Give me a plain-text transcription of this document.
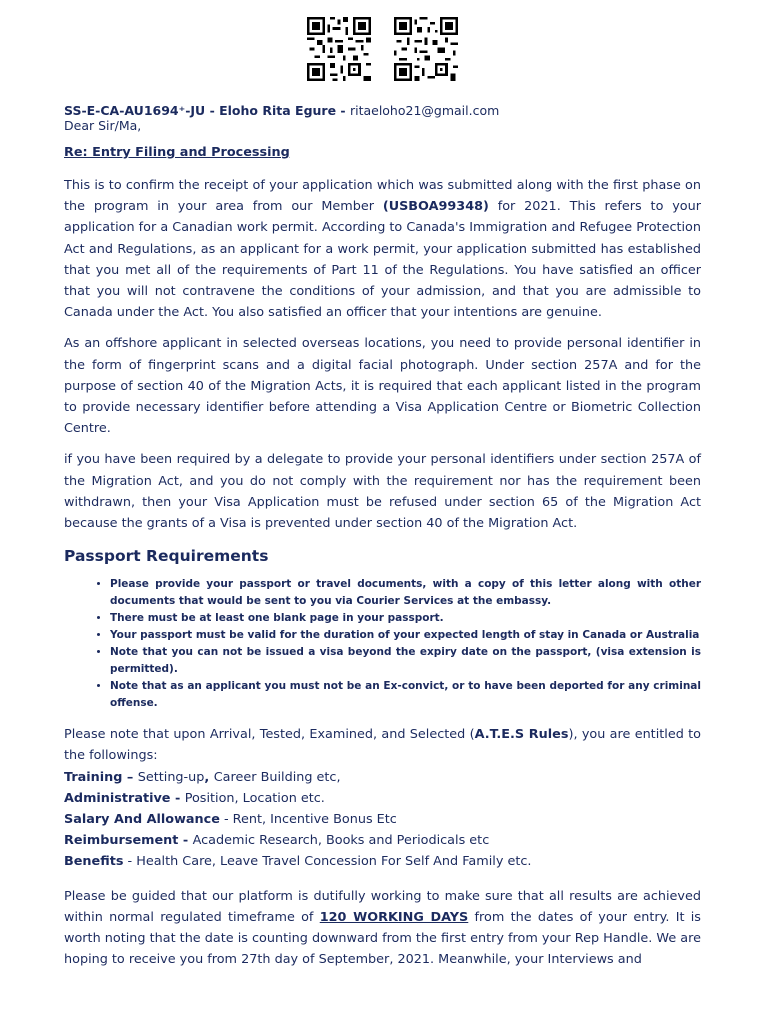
SS-E-CA-AU1694⁺-JU - Eloho Rita Egure - ritaeloho21@gmail.com
Dear Sir/Ma,
Re: Entry Filing and Processing

This is to confirm the receipt of your application which was submitted along with the first phase on the program in your area from our Member (USBOA99348) for 2021. This refers to your application for a Canadian work permit. According to Canada's Immigration and Refugee Protection Act and Regulations, as an applicant for a work permit, your application submitted has established that you met all of the requirements of Part 11 of the Regulations. You have satisfied an officer that you will not contravene the conditions of your admission, and that you are admissible to Canada under the Act. You also satisfied an officer that your intentions are genuine.

As an offshore applicant in selected overseas locations, you need to provide personal identifier in the form of fingerprint scans and a digital facial photograph. Under section 257A and for the purpose of section 40 of the Migration Acts, it is required that each applicant listed in the program to provide necessary identifier before attending a Visa Application Centre or Biometric Collection Centre.

if you have been required by a delegate to provide your personal identifiers under section 257A of the Migration Act, and you do not comply with the requirement nor has the requirement been withdrawn, then your Visa Application must be refused under section 65 of the Migration Act because the grants of a Visa is prevented under section 40 of the Migration Act.

Passport Requirements
• Please provide your passport or travel documents, with a copy of this letter along with other documents that would be sent to you via Courier Services at the embassy.
• There must be at least one blank page in your passport.
• Your passport must be valid for the duration of your expected length of stay in Canada or Australia
• Note that you can not be issued a visa beyond the expiry date on the passport, (visa extension is permitted).
• Note that as an applicant you must not be an Ex-convict, or to have been deported for any criminal offense.

Please note that upon Arrival, Tested, Examined, and Selected (A.T.E.S Rules), you are entitled to the followings:

Training – Setting-up, Career Building etc,
Administrative - Position, Location etc.
Salary And Allowance - Rent, Incentive Bonus Etc
Reimbursement - Academic Research, Books and Periodicals etc
Benefits - Health Care, Leave Travel Concession For Self And Family etc.

Please be guided that our platform is dutifully working to make sure that all results are achieved within normal regulated timeframe of 120 WORKING DAYS from the dates of your entry. It is worth noting that the date is counting downward from the first entry from your Rep Handle. We are hoping to receive you from 27th day of September, 2021. Meanwhile, your Interviews and
